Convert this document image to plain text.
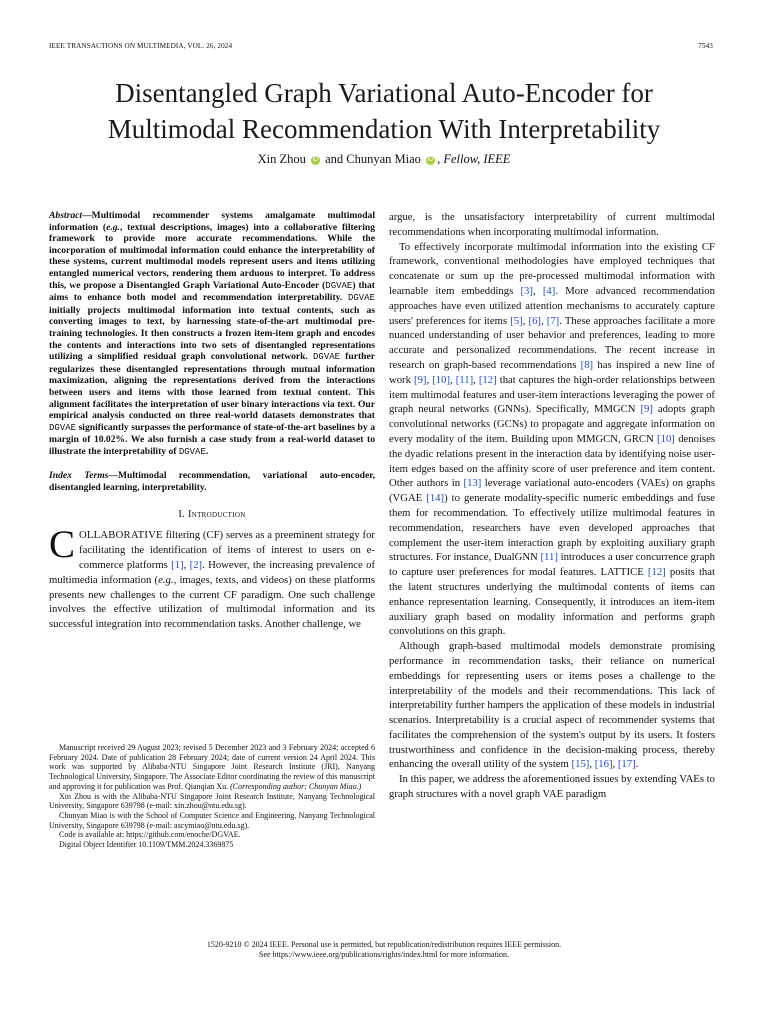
IEEE TRANSACTIONS ON MULTIMEDIA, VOL. 26, 2024	7543
Disentangled Graph Variational Auto-Encoder for
Multimodal Recommendation With Interpretability
Xin Zhou iD and Chunyan Miao iD , Fellow, IEEE

Abstract—Multimodal recommender systems amalgamate multimodal information (e.g., textual descriptions, images) into a collaborative filtering framework to provide more accurate recommendations. While the incorporation of multimodal information could enhance the interpretability of these systems, current multimodal models represent users and items utilizing entangled numerical vectors, rendering them arduous to interpret. To address this, we propose a Disentangled Graph Variational Auto-Encoder (DGVAE) that aims to enhance both model and recommendation interpretability. DGVAE initially projects multimodal information into textual contents, such as converting images to text, by harnessing state-of-the-art multimodal pre-training technologies. It then constructs a frozen item-item graph and encodes the contents and interactions into two sets of disentangled representations utilizing a simplified residual graph convolutional network. DGVAE further regularizes these disentangled representations through mutual information maximization, aligning the representations derived from the interactions between users and items with those learned from textual content. This alignment facilitates the interpretation of user binary interactions via text. Our empirical analysis conducted on three real-world datasets demonstrates that DGVAE significantly surpasses the performance of state-of-the-art baselines by a margin of 10.02%. We also furnish a case study from a real-world dataset to illustrate the interpretability of DGVAE.

Index Terms—Multimodal recommendation, variational auto-encoder, disentangled learning, interpretability.

I. Introduction

COLLABORATIVE filtering (CF) serves as a preeminent strategy for facilitating the identification of items of interest to users on e-commerce platforms [1], [2]. However, the increasing prevalence of multimedia information (e.g., images, texts, and videos) on these platforms presents new challenges to the current CF paradigm. One such challenge involves the effective utilization of multimodal information and its successful integration into recommendation tasks. Another challenge, we

Manuscript received 29 August 2023; revised 5 December 2023 and 3 February 2024; accepted 6 February 2024. Date of publication 28 February 2024; date of current version 24 April 2024. This work was supported by Alibaba-NTU Singapore Joint Research Institute (JRI), Nanyang Technological University, Singapore. The Associate Editor coordinating the review of this manuscript and approving it for publication was Prof. Qianqian Xu. (Corresponding author: Chunyan Miao.)

Xin Zhou is with the Alibaba-NTU Singapore Joint Research Institute, Nanyang Technological University, Singapore 639798 (e-mail: xin.zhou@ntu.edu.sg).

Chunyan Miao is with the School of Computer Science and Engineering, Nanyang Technological University, Singapore 639798 (e-mail: ascymiao@ntu.edu.sg).

Code is available at: https://github.com/enoche/DGVAE.

Digital Object Identifier 10.1109/TMM.2024.3369875

argue, is the unsatisfactory interpretability of current multimodal recommendations when incorporating multimodal information.

To effectively incorporate multimodal information into the existing CF framework, conventional methodologies have employed techniques that concatenate or sum up the pre-processed multimodal information with learnable item embeddings [3], [4]. More advanced recommendation approaches have even utilized attention mechanisms to accurately capture users' preferences for items [5], [6], [7]. These approaches facilitate a more nuanced understanding of user behavior and preferences, leading to more accurate and personalized recommendations. The recent increase in research on graph-based recommendations [8] has inspired a new line of work [9], [10], [11], [12] that captures the high-order relationships between item multimodal features and user-item interactions leveraging the power of graph neural networks (GNNs). Specifically, MMGCN [9] adopts graph convolutional networks (GCNs) to propagate and aggregate information on every modality of the item. Building upon MMGCN, GRCN [10] denoises the dyadic relations present in the interaction data by identifying noise user-item edges based on the affinity score of user preference and item content. Other authors in [13] leverage variational auto-encoders (VAEs) on graphs (VGAE [14]) to generate modality-specific numeric embeddings and fuse them for recommendation. To effectively utilize multimodal features in recommendation, researchers have even developed approaches that complement the user-item interaction graph by exploiting auxiliary graph structures. For instance, DualGNN [11] introduces a user concurrence graph to capture user preferences for modal features. LATTICE [12] posits that the latent structures underlying the multimodal contents of items can enhance representation learning. Consequently, it introduces an item-item auxiliary graph based on modality information and performs graph convolutions on this graph.

Although graph-based multimodal models demonstrate promising performance in recommendation tasks, their reliance on numerical embeddings for representing users or items poses a challenge to the interpretability of the models and their recommendations. This lack of interpretability further hampers the application of these models in industrial scenarios. Interpretability is a crucial aspect of recommender systems that facilitates the comprehension of the system's output by its users. It fosters trustworthiness and confidence in the decision-making process, thereby enhancing the overall utility of the system [15], [16], [17].

In this paper, we address the aforementioned issues by extending VAEs to graph structures with a novel graph VAE paradigm

1520-9210 © 2024 IEEE. Personal use is permitted, but republication/redistribution requires IEEE permission.
See https://www.ieee.org/publications/rights/index.html for more information.
